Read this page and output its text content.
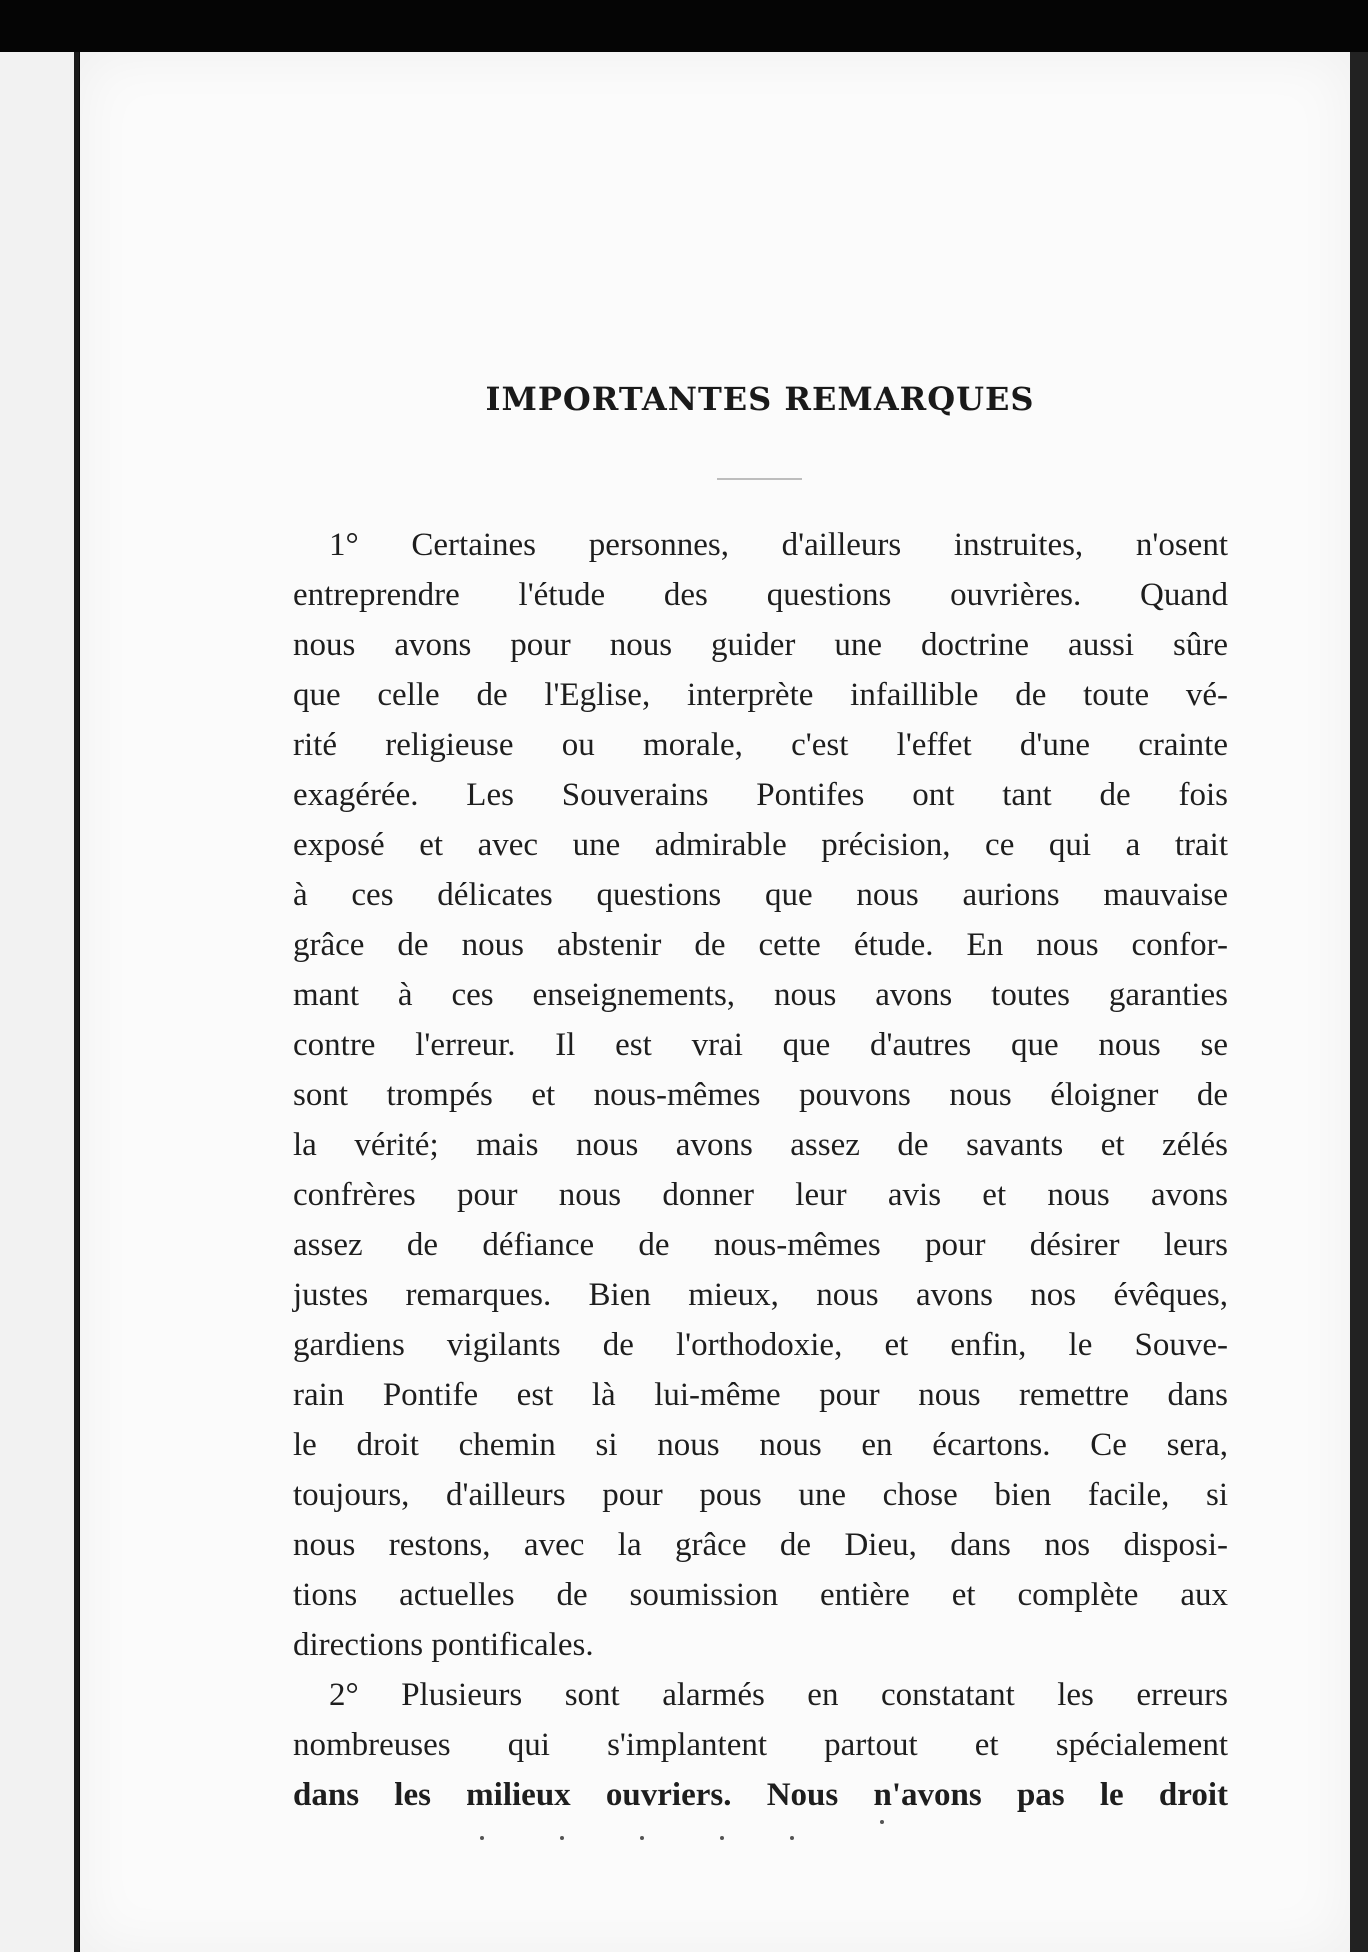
IMPORTANTES REMARQUES
1° Certaines personnes, d'ailleurs instruites, n'osent
entreprendre l'étude des questions ouvrières. Quand
nous avons pour nous guider une doctrine aussi sûre
que celle de l'Eglise, interprète infaillible de toute vé-
rité religieuse ou morale, c'est l'effet d'une crainte
exagérée. Les Souverains Pontifes ont tant de fois
exposé et avec une admirable précision, ce qui a trait
à ces délicates questions que nous aurions mauvaise
grâce de nous abstenir de cette étude. En nous confor-
mant à ces enseignements, nous avons toutes garanties
contre l'erreur. Il est vrai que d'autres que nous se
sont trompés et nous-mêmes pouvons nous éloigner de
la vérité; mais nous avons assez de savants et zélés
confrères pour nous donner leur avis et nous avons
assez de défiance de nous-mêmes pour désirer leurs
justes remarques. Bien mieux, nous avons nos évêques,
gardiens vigilants de l'orthodoxie, et enfin, le Souve-
rain Pontife est là lui-même pour nous remettre dans
le droit chemin si nous nous en écartons. Ce sera,
toujours, d'ailleurs pour pous une chose bien facile, si
nous restons, avec la grâce de Dieu, dans nos disposi-
tions actuelles de soumission entière et complète aux
directions pontificales.
2° Plusieurs sont alarmés en constatant les erreurs
nombreuses qui s'implantent partout et spécialement
dans les milieux ouvriers. Nous n'avons pas le droit
